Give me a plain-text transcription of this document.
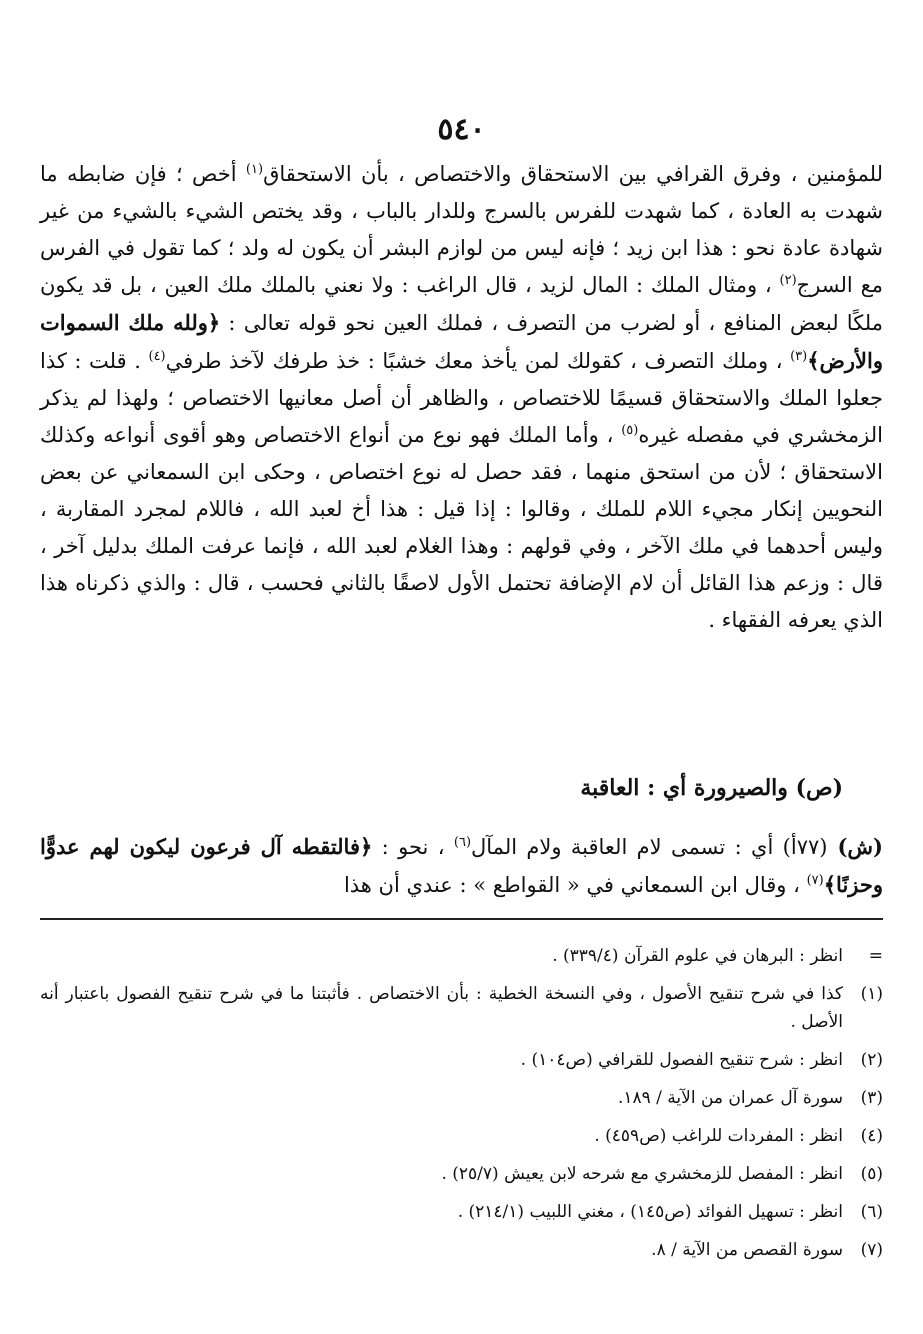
٥٤٠

للمؤمنين ، وفرق القرافي بين الاستحقاق والاختصاص ، بأن الاستحقاق$^{(١)}$ أخص ؛ فإن ضابطه ما شهدت به العادة ، كما شهدت للفرس بالسرج وللدار بالباب ، وقد يختص الشيء بالشيء من غير شهادة عادة نحو : هذا ابن زيد ؛ فإنه ليس من لوازم البشر أن يكون له ولد ؛ كما تقول في الفرس مع السرج$^{(٢)}$ ، ومثال الملك : المال لزيد ، قال الراغب : ولا نعني بالملك ملك العين ، بل قد يكون ملكًا لبعض المنافع ، أو لضرب من التصرف ، فملك العين نحو قوله تعالى : ﴿ولله ملك السموات والأرض﴾$^{(٣)}$ ، وملك التصرف ، كقولك لمن يأخذ معك خشبًا : خذ طرفك لآخذ طرفي$^{(٤)}$ . قلت : كذا جعلوا الملك والاستحقاق قسيمًا للاختصاص ، والظاهر أن أصل معانيها الاختصاص ؛ ولهذا لم يذكر الزمخشري في مفصله غيره$^{(٥)}$ ، وأما الملك فهو نوع من أنواع الاختصاص وهو أقوى أنواعه وكذلك الاستحقاق ؛ لأن من استحق منهما ، فقد حصل له نوع اختصاص ، وحكى ابن السمعاني عن بعض النحويين إنكار مجيء اللام للملك ، وقالوا : إذا قيل : هذا أخ لعبد الله ، فاللام لمجرد المقاربة ، وليس أحدهما في ملك الآخر ، وفي قولهم : وهذا الغلام لعبد الله ، فإنما عرفت الملك بدليل آخر ، قال : وزعم هذا القائل أن لام الإضافة تحتمل الأول لاصقًا بالثاني فحسب ، قال : والذي ذكرناه هذا الذي يعرفه الفقهاء .

(ص) والصيرورة أي : العاقبة

(ش) (٧٧أ) أي : تسمى لام العاقبة ولام المآل$^{(٦)}$ ، نحو : ﴿فالتقطه آل فرعون ليكون لهم عدوًّا وحزنًا﴾$^{(٧)}$ ، وقال ابن السمعاني في « القواطع » : عندي أن هذا

=
انظر : البرهان في علوم القرآن (٣٣٩/٤) .
(١)
كذا في شرح تنقيح الأصول ، وفي النسخة الخطية : بأن الاختصاص . فأثبتنا ما في شرح تنقيح الفصول باعتبار أنه الأصل .
(٢)
انظر : شرح تنقيح الفصول للقرافي (ص١٠٤) .
(٣)
سورة آل عمران من الآية / ١٨٩.
(٤)
انظر : المفردات للراغب (ص٤٥٩) .
(٥)
انظر : المفصل للزمخشري مع شرحه لابن يعيش (٢٥/٧) .
(٦)
انظر : تسهيل الفوائد (ص١٤٥) ، مغني اللبيب (٢١٤/١) .
(٧)
سورة القصص من الآية / ٨.
